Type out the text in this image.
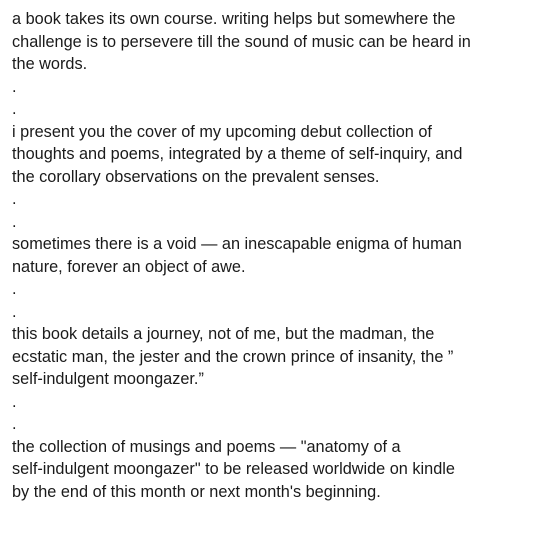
a book takes its own course. writing helps but somewhere the
challenge is to persevere till the sound of music can be heard in
the words.
.
.
i present you the cover of my upcoming debut collection of
thoughts and poems, integrated by a theme of self-inquiry, and
the corollary observations on the prevalent senses.
.
.
sometimes there is a void — an inescapable enigma of human
nature, forever an object of awe.
.
.
this book details a journey, not of me, but the madman, the
ecstatic man, the jester and the crown prince of insanity, the ”
self-indulgent moongazer.”
.
.
the collection of musings and poems — "anatomy of a
self-indulgent moongazer" to be released worldwide on kindle
by the end of this month or next month's beginning.
